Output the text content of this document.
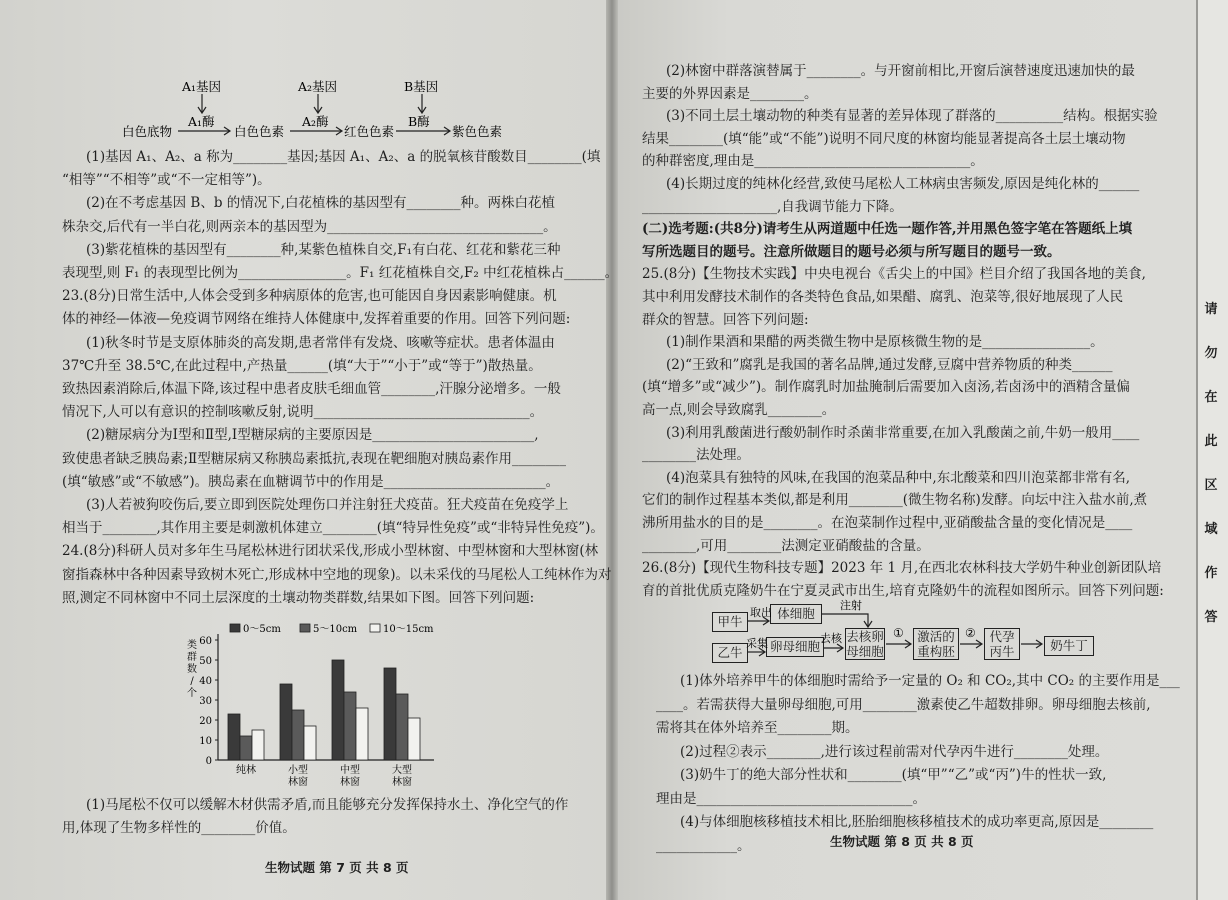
A₁基因	A₂基因	B基因
A₁酶	A₂酶	B酶
白色底物	白色色素	红色色素	紫色色素
(1)基因 A₁、A₂、a 称为________基因;基因 A₁、A₂、a 的脱氧核苷酸数目________(填
“相等”“不相等”或“不一定相等”)。
(2)在不考虑基因 B、b 的情况下,白花植株的基因型有________种。两株白花植
株杂交,后代有一半白花,则两亲本的基因型为________________________________。
(3)紫花植株的基因型有________种,某紫色植株自交,F₁有白花、红花和紫花三种
表现型,则 F₁ 的表现型比例为________________。F₁ 红花植株自交,F₂ 中红花植株占______。
23.(8分)日常生活中,人体会受到多种病原体的危害,也可能因自身因素影响健康。机
体的神经—体液—免疫调节网络在维持人体健康中,发挥着重要的作用。回答下列问题:
(1)秋冬时节是支原体肺炎的高发期,患者常伴有发烧、咳嗽等症状。患者体温由
37℃升至 38.5℃,在此过程中,产热量______(填“大于”“小于”或“等于”)散热量。
致热因素消除后,体温下降,该过程中患者皮肤毛细血管________,汗腺分泌增多。一般
情况下,人可以有意识的控制咳嗽反射,说明________________________________。
(2)糖尿病分为Ⅰ型和Ⅱ型,Ⅰ型糖尿病的主要原因是________________________,
致使患者缺乏胰岛素;Ⅱ型糖尿病又称胰岛素抵抗,表现在靶细胞对胰岛素作用________
(填“敏感”或“不敏感”)。胰岛素在血糖调节中的作用是________________________。
(3)人若被狗咬伤后,要立即到医院处理伤口并注射狂犬疫苗。狂犬疫苗在免疫学上
相当于________,其作用主要是刺激机体建立________(填“特异性免疫”或“非特异性免疫”)。
24.(8分)科研人员对多年生马尾松林进行团状采伐,形成小型林窗、中型林窗和大型林窗(林
窗指森林中各种因素导致树木死亡,形成林中空地的现象)。以未采伐的马尾松人工纯林作为对
照,测定不同林窗中不同土层深度的土壤动物类群数,结果如下图。回答下列问题:
0
10
20
30
40
50
60
类
群
数
/
个
纯林	小型
林窗
中型
林窗
大型
林窗
0～5cm	5～10cm	10～15cm
(1)马尾松不仅可以缓解木材供需矛盾,而且能够充分发挥保持水土、净化空气的作
用,体现了生物多样性的________价值。
生物试题 第 7 页 共 8 页
(2)林窗中群落演替属于________。与开窗前相比,开窗后演替速度迅速加快的最
主要的外界因素是________。
(3)不同土层土壤动物的种类有显著的差异体现了群落的__________结构。根据实验
结果________(填“能”或“不能”)说明不同尺度的林窗均能显著提高各土层土壤动物
的种群密度,理由是________________________________。
(4)长期过度的纯林化经营,致使马尾松人工林病虫害频发,原因是纯化林的______
____________________,自我调节能力下降。
(二)选考题:(共8分)请考生从两道题中任选一题作答,并用黑色签字笔在答题纸上填
写所选题目的题号。注意所做题目的题号必须与所写题目的题号一致。
25.(8分)【生物技术实践】中央电视台《舌尖上的中国》栏目介绍了我国各地的美食,
其中利用发酵技术制作的各类特色食品,如果醋、腐乳、泡菜等,很好地展现了人民
群众的智慧。回答下列问题:
(1)制作果酒和果醋的两类微生物中是原核微生物的是________________。
(2)“王致和”腐乳是我国的著名品牌,通过发酵,豆腐中营养物质的种类______
(填“增多”或“减少”)。制作腐乳时加盐腌制后需要加入卤汤,若卤汤中的酒精含量偏
高一点,则会导致腐乳________。
(3)利用乳酸菌进行酸奶制作时杀菌非常重要,在加入乳酸菌之前,牛奶一般用____
________法处理。
(4)泡菜具有独特的风味,在我国的泡菜品种中,东北酸菜和四川泡菜都非常有名,
它们的制作过程基本类似,都是利用________(微生物名称)发酵。向坛中注入盐水前,煮
沸所用盐水的目的是________。在泡菜制作过程中,亚硝酸盐含量的变化情况是____
________,可用________法测定亚硝酸盐的含量。
26.(8分)【现代生物科技专题】2023 年 1 月,在西北农林科技大学奶牛种业创新团队培
育的首批优质克隆奶牛在宁夏灵武市出生,培育克隆奶牛的流程如图所示。回答下列问题:
甲牛
体细胞
乙牛	卵母细胞
去核卵母细胞
激活的重构胚
代孕丙牛	奶牛丁
取出
采集
注射
去核	①	②
(1)体外培养甲牛的体细胞时需给予一定量的 O₂ 和 CO₂,其中 CO₂ 的主要作用是___
____。若需获得大量卵母细胞,可用________激素使乙牛超数排卵。卵母细胞去核前,
需将其在体外培养至________期。
(2)过程②表示________,进行该过程前需对代孕丙牛进行________处理。
(3)奶牛丁的绝大部分性状和________(填“甲”“乙”或“丙”)牛的性状一致,
理由是________________________________。
(4)与体细胞核移植技术相比,胚胎细胞核移植技术的成功率更高,原因是________
____________。	生物试题 第 8 页 共 8 页
请
勿
在
此
区
域
作
答
